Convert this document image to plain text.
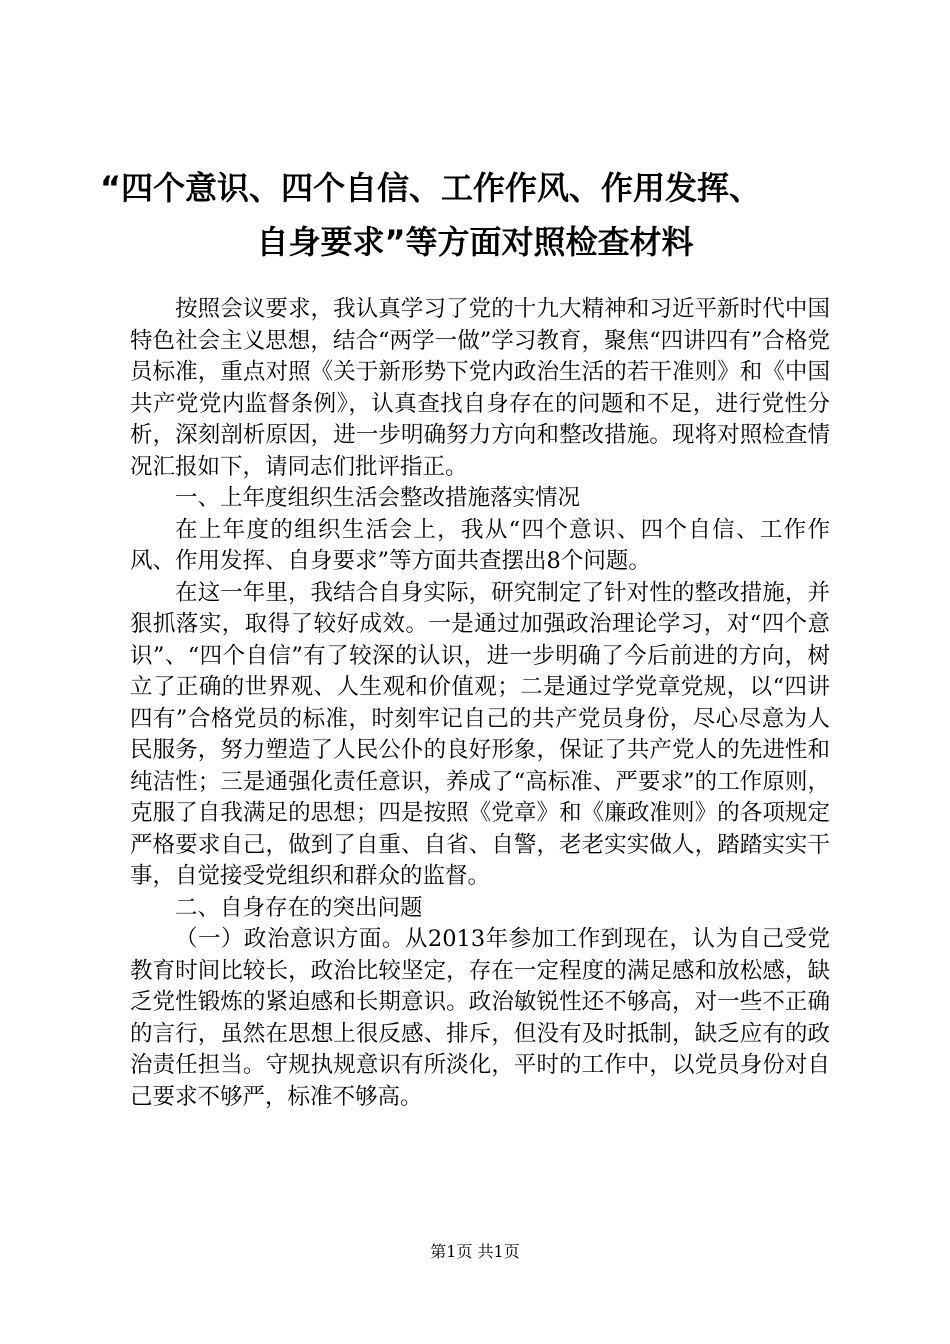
“四个意识、四个自信、工作作风、作用发挥、
自身要求”等方面对照检查材料

按照会议要求，我认真学习了党的十九大精神和习近平新时代中国特色社会主义思想，结合“两学一做”学习教育，聚焦“四讲四有”合格党员标准，重点对照《关于新形势下党内政治生活的若干准则》和《中国共产党党内监督条例》，认真查找自身存在的问题和不足，进行党性分析，深刻剖析原因，进一步明确努力方向和整改措施。现将对照检查情况汇报如下，请同志们批评指正。

一、上年度组织生活会整改措施落实情况

在上年度的组织生活会上，我从“四个意识、四个自信、工作作风、作用发挥、自身要求”等方面共查摆出8个问题。

在这一年里，我结合自身实际，研究制定了针对性的整改措施，并狠抓落实，取得了较好成效。一是通过加强政治理论学习，对“四个意识”、“四个自信”有了较深的认识，进一步明确了今后前进的方向，树立了正确的世界观、人生观和价值观；二是通过学党章党规，以“四讲四有”合格党员的标准，时刻牢记自己的共产党员身份，尽心尽意为人民服务，努力塑造了人民公仆的良好形象，保证了共产党人的先进性和纯洁性；三是通强化责任意识，养成了“高标准、严要求”的工作原则，克服了自我满足的思想；四是按照《党章》和《廉政准则》的各项规定严格要求自己，做到了自重、自省、自警，老老实实做人，踏踏实实干事，自觉接受党组织和群众的监督。

二、自身存在的突出问题

（一）政治意识方面。从2013年参加工作到现在，认为自己受党教育时间比较长，政治比较坚定，存在一定程度的满足感和放松感，缺乏党性锻炼的紧迫感和长期意识。政治敏锐性还不够高，对一些不正确的言行，虽然在思想上很反感、排斥，但没有及时抵制，缺乏应有的政治责任担当。守规执规意识有所淡化，平时的工作中，以党员身份对自己要求不够严，标准不够高。

第1页 共1页
